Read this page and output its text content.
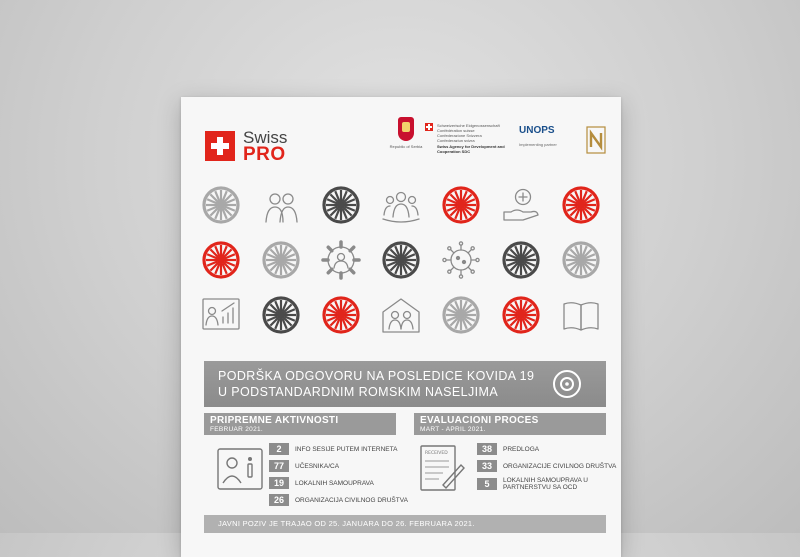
Swiss
PRO	Republic of Serbia
Schweizerische Eidgenossenschaft
Confédération suisse
Confederazione Svizzera
Confederaziun svizra
Swiss Agency for Development and Cooperation SDC
UNOPS
Implementing partner
PODRŠKA ODGOVORU NA POSLEDICE KOVIDA 19
U PODSTANDARDNIM ROMSKIM NASELJIMA
PRIPREMNE AKTIVNOSTI
FEBRUAR 2021.
EVALUACIONI PROCES
MART - APRIL 2021.
RECEIVED
2	INFO SESIJE PUTEM INTERNETA
77	UČESNIKA/CA
19	LOKALNIH SAMOUPRAVA
26	ORGANIZACIJA CIVILNOG DRUŠTVA
38	PREDLOGA
33	ORGANIZACIJE CIVILNOG DRUŠTVA
5	LOKALNIH SAMOUPRAVA U PARTNERSTVU SA OCD
JAVNI POZIV JE TRAJAO OD 25. JANUARA DO 26. FEBRUARA 2021.
